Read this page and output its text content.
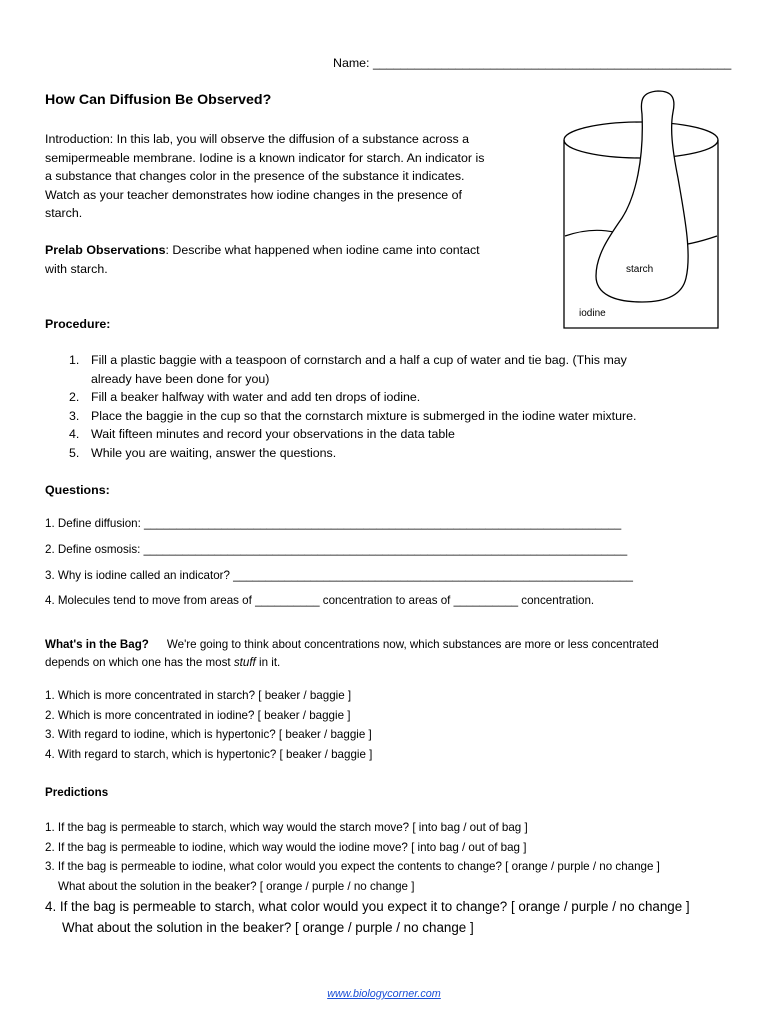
Name: ____________________________________________________
How Can Diffusion Be Observed?
Introduction: In this lab, you will observe the diffusion of a substance across a
semipermeable membrane. Iodine is a known indicator for starch. An indicator is
a substance that changes color in the presence of the substance it indicates.
Watch as your teacher demonstrates how iodine changes in the presence of
starch.
Prelab Observations: Describe what happened when iodine came into contact
with starch.	starch
iodine
Procedure:
1. Fill a plastic baggie with a teaspoon of cornstarch and a half a cup of water and tie bag. (This may
already have been done for you)
2. Fill a beaker halfway with water and add ten drops of iodine.
3. Place the baggie in the cup so that the cornstarch mixture is submerged in the iodine water mixture.
4. Wait fifteen minutes and record your observations in the data table
5. While you are waiting, answer the questions.
Questions:
1. Define diffusion: __________________________________________________________________________
2. Define osmosis: ___________________________________________________________________________
3. Why is iodine called an indicator? ______________________________________________________________
4. Molecules tend to move from areas of __________ concentration to areas of __________ concentration.
What's in the Bag? We're going to think about concentrations now, which substances are more or less concentrated
depends on which one has the most stuff in it.
1. Which is more concentrated in starch? [ beaker / baggie ]
2. Which is more concentrated in iodine? [ beaker / baggie ]
3. With regard to iodine, which is hypertonic? [ beaker / baggie ]
4. With regard to starch, which is hypertonic? [ beaker / baggie ]
Predictions
1. If the bag is permeable to starch, which way would the starch move? [ into bag / out of bag ]
2. If the bag is permeable to iodine, which way would the iodine move? [ into bag / out of bag ]
3. If the bag is permeable to iodine, what color would you expect the contents to change? [ orange / purple / no change ]
What about the solution in the beaker? [ orange / purple / no change ]
4. If the bag is permeable to starch, what color would you expect it to change? [ orange / purple / no change ]
What about the solution in the beaker? [ orange / purple / no change ]
www.biologycorner.com
